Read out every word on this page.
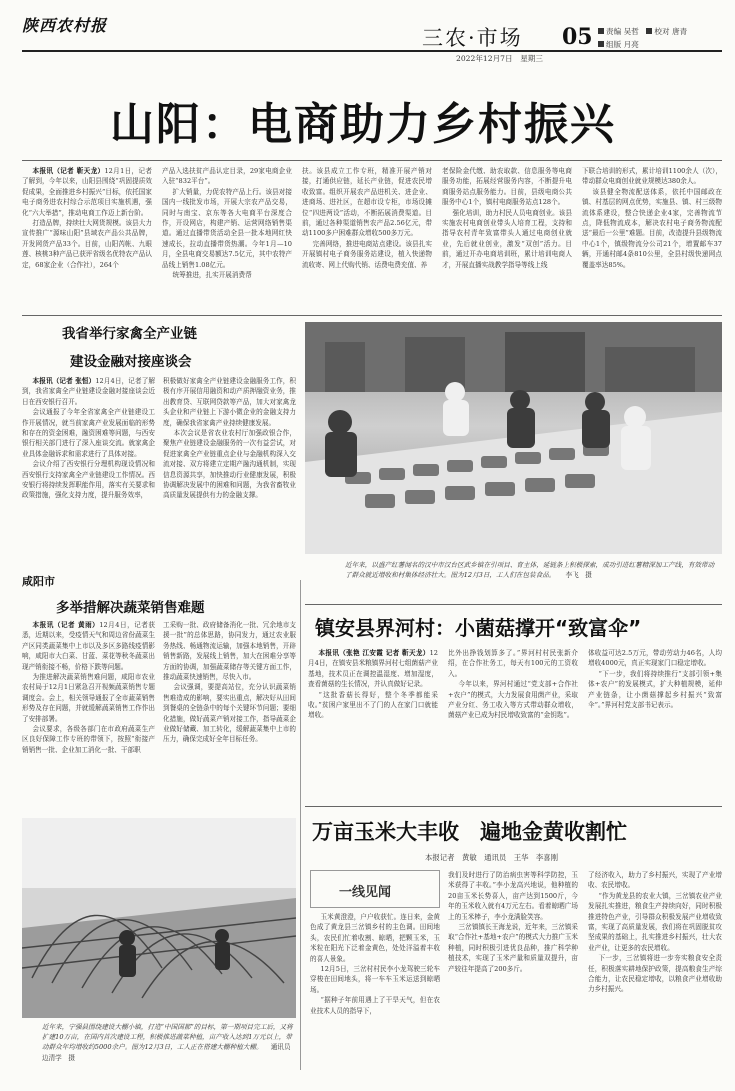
陕西农村报
三农·市场
2022年12月7日　星期三
05	责编 吴哲　 校对 唐青
组版 月亮
山阳：电商助力乡村振兴

本报讯（记者 靳天龙）12月1日，记者了解到，今年以来，山阳县围绕“巩固提质效促成果，全面推进乡村振兴”目标，依托国家电子商务进农村综合示范项目实施机遇，强化“六大举措”，推动电商工作迈上新台阶。

打造品牌，持续壮大网货规模。该县大力宣传推广“源味山阳”县域农产品公共品牌，开发网货产品33个。目前，山阳芮帐、九眼莲、核桃3种产品已获评省级名优特农产品认定，68家企业（合作社），264个

产品入选扶贫产品认定目录，29家电商企业入驻“832平台”。

扩大销量，力促农特产品上行。该县对接国内一线批发市场，开展大宗农产品交易，同时与南宝、京东等各大电商平台深度合作，开设网店，构建产销、运营网络销售渠道。通过直播带货活动全县一批本地网红快速成长，拉动直播带货热潮。今年1月—10月，全县电商交易额达7.5亿元，其中农特产品线上销售1.08亿元。

统筹推进，扎实开展消费帮

扶。该县成立工作专班，精准开展产销对接，打通供应链，延长产业链，促进农民增收致富。组织开展农产品进机关、进企业、进商场、进社区，在超市设专柜，市场设摊位“四进两设”活动，不断拓展消费渠道。目前，通过各种渠道销售农产品2.56亿元，带动1100多户困难群众增收500多万元。

完善网络，推进电商站点建设。该县扎实开展镇村电子商务服务站建设，植入快递物流收寄、网上代购代销、话费电费充值、养

老保险金代缴、助农取款、信息服务等电商服务功能，拓展经营服务内容，不断提升电商服务站点服务能力。目前，县级电商公共服务中心1个，镇村电商服务站点128个。

强化培训，助力村民人员电商创业。该县实施农村电商创业带头人培育工程，支持和指导农村青年致富带头人通过电商创业就业，先后就业创业，激发“双创”活力。目前，通过开办电商培训班，累计培训电商人才，开展直播实战教学指导等线上线

下联合培训的形式，累计培训1100余人（次），带动群众电商创业就业规模达380余人。

该县健全物流配送体系，依托中国邮政在镇、村基层的网点优势，实施县、镇、村三级物流体系建设，整合快递企业4家，完善物流节点，降低物流成本，解决农村电子商务物流配送“最后一公里”难题。目前，改造提升县级物流中心1个，镇级物流分公司21个，增置邮车37辆，开通村邮4条810公里，全县村级快递网点覆盖率达85%。

我省举行家禽全产业链
建设金融对接座谈会

本报讯（记者 张恒）12月4日，记者了解到，我省家禽全产业链建设金融对接座谈会近日在西安银行召开。

会议通报了今年全省家禽全产业链建设工作开展情况，就当前家禽产业发展面临的形势和存在的资金困难，融资困难等问题，与西安银行相关部门进行了深入座谈交流。就家禽企业具体金融诉求和需求进行了具体对接。

会议介绍了西安银行分理机构现设情况和西安银行支持家禽全产业链建设工作情况。西安银行将持续发挥职能作用，落实有关要求和政策措施，强化支持力度，提升服务效率，

积极做好家禽全产业链建设金融服务工作，积极有序开展信用融资和动产质押融资业务，推出教育贷、互联网贷款等产品，加大对家禽龙头企业和产业链上下游小微企业的金融支持力度，确保我省家禽产业持续健康发展。

本次会议是省农业农村厅加强政银合作，聚焦产业链建设金融服务的一次有益尝试，对促进家禽全产业链重点企业与金融机构深入交流对接、双方将建立定期产融沟通机制，实现信息资源共享，加快推动行业健康发展，积极协调解决发展中的困难和问题，为我省畜牧业高质量发展提供有力的金融支撑。

近年来，以盛产红薯闻名的汉中市汉台区武乡镇在引项目、育主体，延链条上积极探索，成功引进红薯精深加工产线，有效带动了群众就近增收和村集体经济壮大。图为12月3日，工人们在包装食品。 李飞　摄
咸阳市
多举措解决蔬菜销售难题

本报讯（记者 黄雨）12月4日，记者获悉，近期以来，受疫情天气和周边省份蔬菜生产区同类蔬菜集中上市以及多区多路线疫情影响，咸阳市大白菜、甘蓝、菜花等秋冬蔬菜出现产销衔接不畅，价格下跌等问题。

为推进解决蔬菜销售难问题，咸阳市农业农村局于12月1日紧急召开视频蔬菜销售专题调度会。会上，相关领导通报了全市蔬菜销售形势及存在问题，并就缓解蔬菜销售工作作出了安排部署。

会议要求，各级各部门在市政府蔬菜生产区良好保障工作专班的带领下，按照“衔接产销销售一批、企业加工消化一批、干部职

工采购一批、政府储备消化一批、冗余地市支援一批”的总体思路，协同发力，通过农业服务热线、畅通物流运输，加强本地销售，开辟销售新路，发展线上销售，加大在困难分享等方面的协调，加强蔬菜储存等关键方面工作，推动蔬菜快速销售，尽快入市。

会议强调，要提高站位，充分认识蔬菜销售难造成的影响，要实出重点，解决好从田间到餐桌的全链条中的每个关键环节问题；要细化措施，做好蔬菜产销对接工作，指导蔬菜企业做好储藏、加工转化，缓解蔬菜集中上市的压力，确保完成好全年目标任务。

近年来，宁强县围绕建设大棚小镇，打造“中国国都”的目标，第一期项目完工后，又将扩建10万亩，在国内首次建设工程，积极推进蔬菜种植，亩产收入达到1万元以上，带动群众年均增收约5000余户。图为12月3日，工人正在搭建大棚种植大棚。 通讯员 边清学　摄
镇安县界河村：小菌菇撑开“致富伞”

本报讯（张艳 江安霞 记者 靳天龙）12月4日，在镇安县米粮镇界河村七组菌菇产业基地，技术员正在调控温湿度、增加湿度，查看菌菇的生长情况，并认真做好记录。

“这批香菇长得好，整个冬季都能采收。”贫困户家里出不了门的人在家门口就能增收。

比外出挣钱划算多了。”界河村村民张新介绍，在合作社务工，每天有100元的工资收入。

今年以来，界河村通过“党支部+合作社+农户”的模式，大力发展食用菌产业，采取产业分红、务工收入等方式带动群众增收，菌菇产业已成为村民增收致富的“金钥匙”。

体收益可达2.5万元，带动劳动力46名，人均增收4000元，真正实现家门口稳定增收。

“下一步，我们将持续推行“支部引领+集体+农户”的发展模式，扩大种植规模，延伸产业链条，让小菌菇撑起乡村振兴“致富伞”。”界河村党支部书记表示。

万亩玉米大丰收　遍地金黄收割忙
本报记者　黄敏　通讯员　王华　李喜刚
一线见闻

玉米黄澄澄，户户收获忙。连日来，金黄色成了黄龙县三岔镇乡村的主色调。田间地头，农民们忙着收割、晾晒，把颗玉米，玉米粒在阳光下泛着金黄色，处处洋溢着丰收的喜人景象。

12月5日，三岔村村民李小龙驾驶三轮车穿梭在田间地头，将一车车玉米运送到晾晒场。

“据种子年前用遇上了干旱天气，但在农业技术人员的指导下，

我们及时进行了防治病虫害等科学防控，玉米获得了丰收。”李小龙高兴地说，他种植的20亩玉米长势喜人，亩产达到1500斤，今年的玉米收入就有4万元左右。看着晾晒广场上的玉米棒子，李小龙满脸笑容。

三岔镇镇长王海龙说，近年来，三岔镇采取“合作社+基地+农户”的模式大力推广玉米种植，同时积极引进优良品种，推广科学种植技术，实现了玉米产量和质量双提升，亩产较往年提高了200多斤。

了经济收入，助力了乡村振兴，实现了产业增收、农民增收。

“作为黄龙县的农业大镇，三岔镇农业产业发展扎实推进，粮食生产持续向好，同时积极推进特色产业，引导群众积极发展产业增收致富，实现了高质量发展，我们将在巩固脱贫攻坚成果的基础上，扎实推进乡村振兴，壮大农业产业，让更多的农民增收。

下一步，三岔镇将进一步夯实粮食安全责任，积极落实耕地保护政策，提高粮食生产综合能力，让农民稳定增收，以粮食产业增收助力乡村振兴。
